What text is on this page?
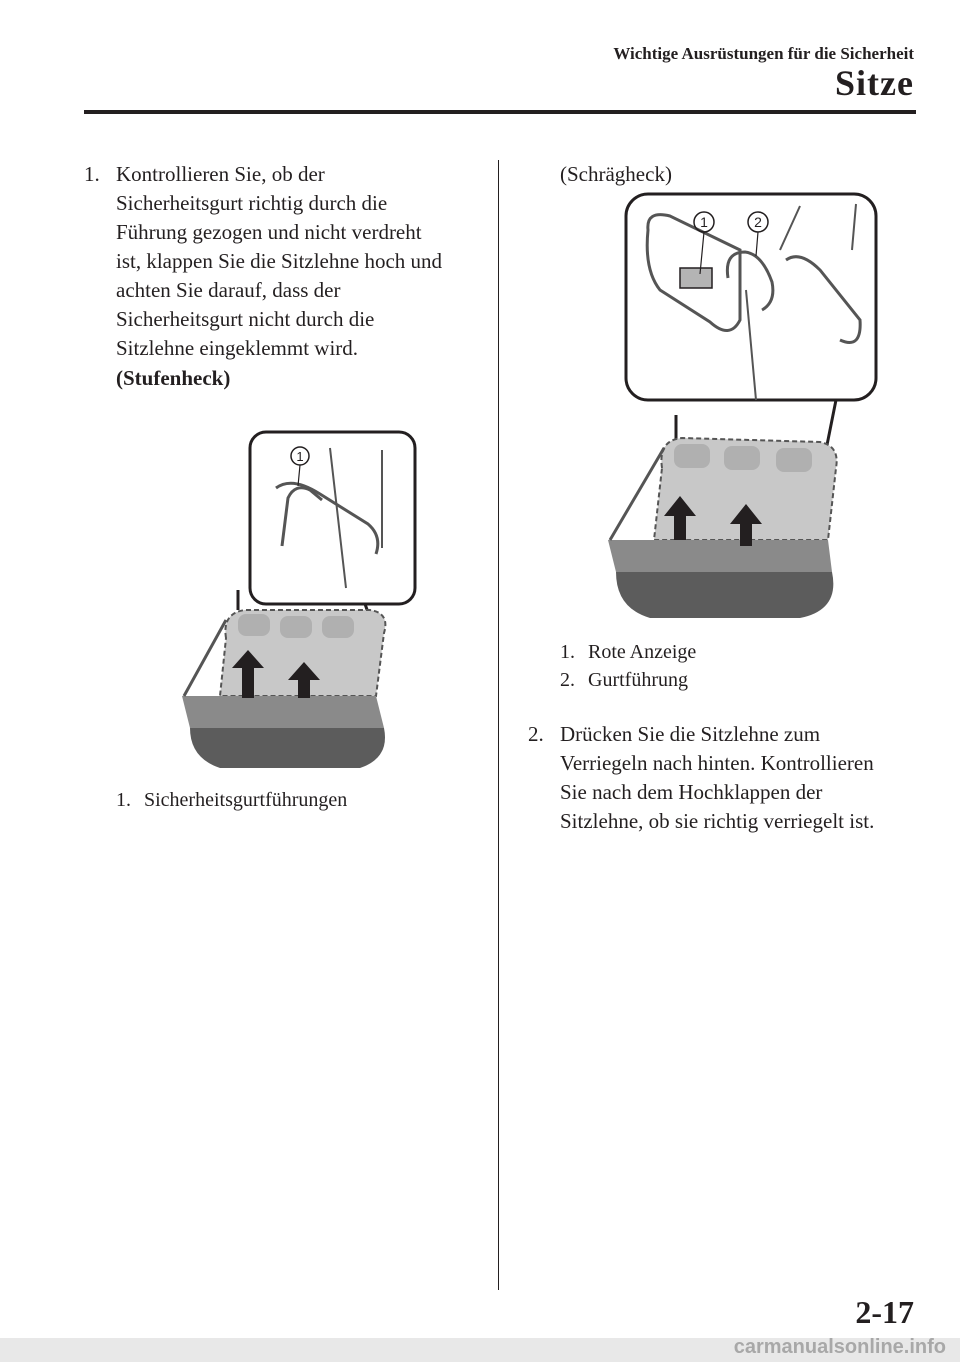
Wichtige Ausrüstungen für die Sicherheit
Sitze
1. Kontrollieren Sie, ob der
Sicherheitsgurt richtig durch die
Führung gezogen und nicht verdreht
ist, klappen Sie die Sitzlehne hoch und
achten Sie darauf, dass der
Sicherheitsgurt nicht durch die
Sitzlehne eingeklemmt wird.
(Stufenheck)
1
1. Sicherheitsgurtführungen
(Schrägheck)
1	2
1. Rote Anzeige
2. Gurtführung
2. Drücken Sie die Sitzlehne zum
Verriegeln nach hinten. Kontrollieren
Sie nach dem Hochklappen der
Sitzlehne, ob sie richtig verriegelt ist.
2-17
carmanualsonline.info
